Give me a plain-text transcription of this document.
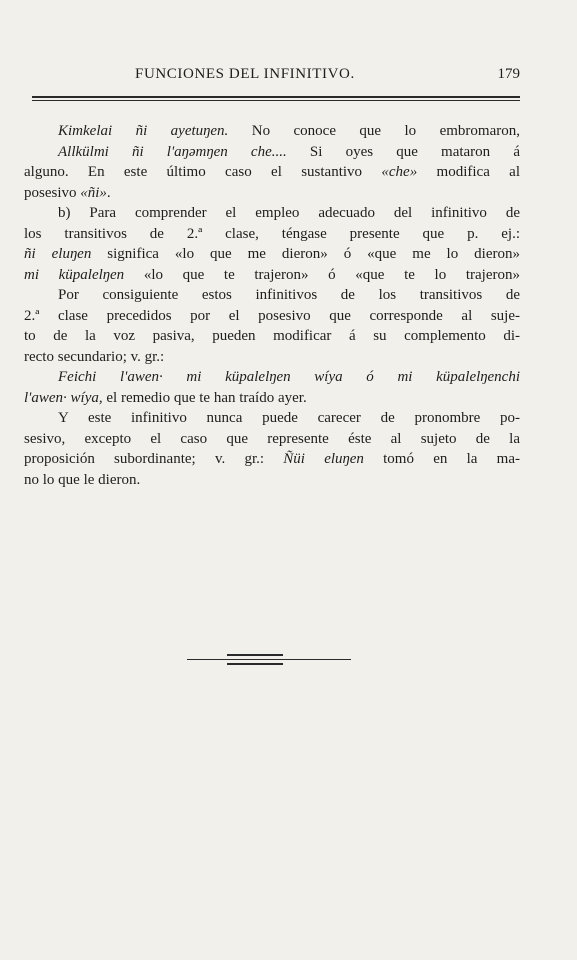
FUNCIONES DEL INFINITIVO.	179
Kimkelai ñi ayetuŋen. No conoce que lo embromaron,
Allkülmi ñi l'aŋəmŋen che.... Si oyes que mataron á
alguno. En este último caso el sustantivo «che» modifica al
posesivo «ñi».
b) Para comprender el empleo adecuado del infinitivo de
los transitivos de 2.ª clase, téngase presente que p. ej.:
ñi eluŋen significa «lo que me dieron» ó «que me lo dieron»
mi küpalelŋen «lo que te trajeron» ó «que te lo trajeron»
Por consiguiente estos infinitivos de los transitivos de
2.ª clase precedidos por el posesivo que corresponde al suje-
to de la voz pasiva, pueden modificar á su complemento di-
recto secundario; v. gr.:
Feichi l'awen· mi küpalelŋen wíya ó mi küpalelŋenchi
l'awen· wíya, el remedio que te han traído ayer.
Y este infinitivo nunca puede carecer de pronombre po-
sesivo, excepto el caso que represente éste al sujeto de la
proposición subordinante; v. gr.: Ñüi eluŋen tomó en la ma-
no lo que le dieron.
